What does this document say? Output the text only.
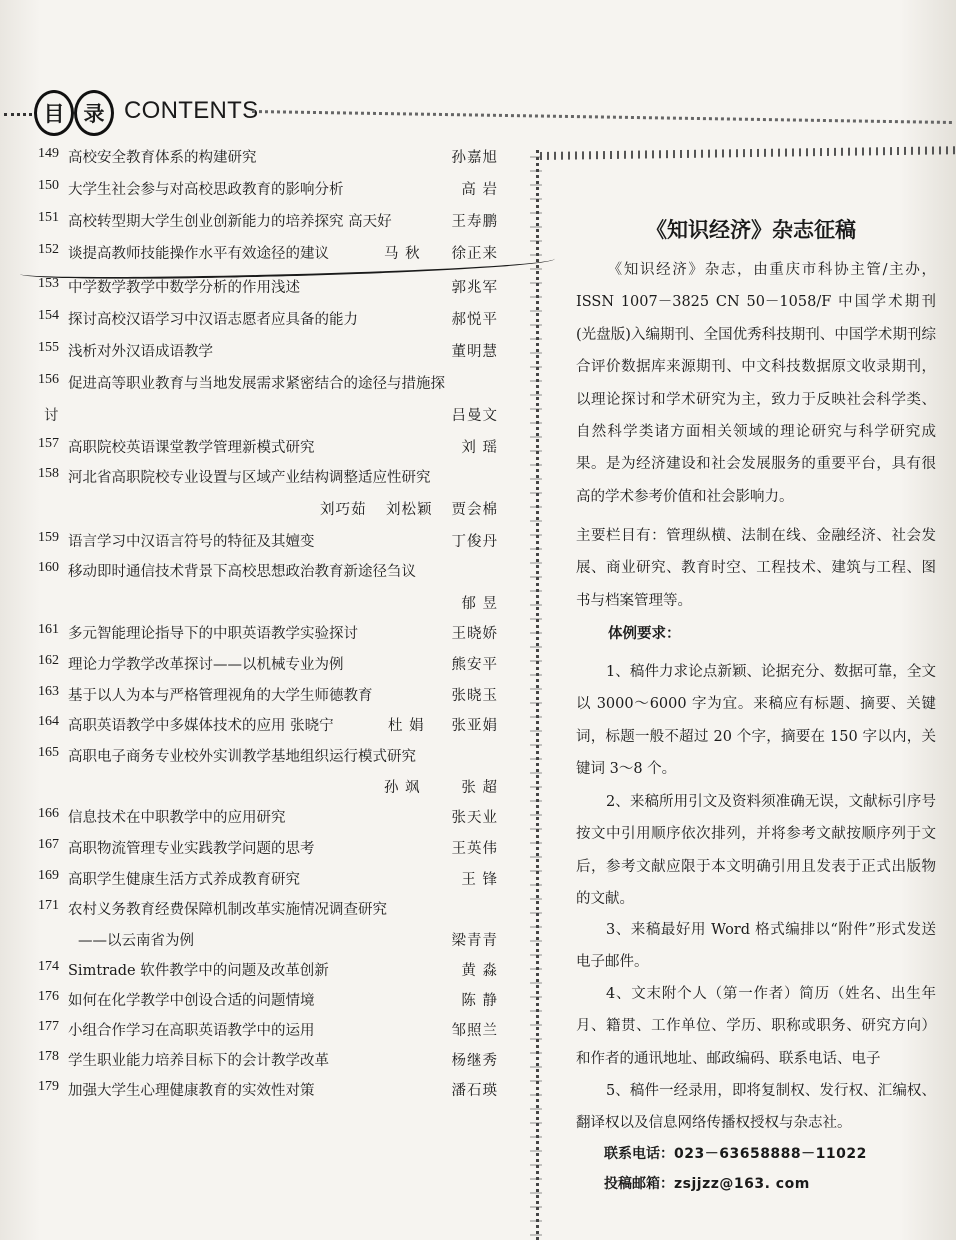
目 录 CONTENTS
149 高校安全教育体系的构建研究	孙嘉旭
150 大学生社会参与对高校思政教育的影响分析	高 岩
151 高校转型期大学生创业创新能力的培养探究 高天好	王寿鹏
152 谈提高教师技能操作水平有效途径的建议	马 秋 徐正来
153 中学数学教学中数学分析的作用浅述	郭兆军
154 探讨高校汉语学习中汉语志愿者应具备的能力	郝悦平
155 浅析对外汉语成语教学	董明慧
156 促进高等职业教育与当地发展需求紧密结合的途径与措施探
讨	吕曼文
157 高职院校英语课堂教学管理新模式研究	刘 瑶
158 河北省高职院校专业设置与区域产业结构调整适应性研究
刘巧茹 刘松颖 贾会棉
159 语言学习中汉语言符号的特征及其嬗变	丁俊丹
160 移动即时通信技术背景下高校思想政治教育新途径刍议
郁 昱
161 多元智能理论指导下的中职英语教学实验探讨	王晓娇
162 理论力学教学改革探讨——以机械专业为例	熊安平
163 基于以人为本与严格管理视角的大学生师德教育	张晓玉
164 高职英语教学中多媒体技术的应用 张晓宁	杜 娟 张亚娟
165 高职电子商务专业校外实训教学基地组织运行模式研究
孙 飒	张 超
166 信息技术在中职教学中的应用研究	张天业
167 高职物流管理专业实践教学问题的思考	王英伟
169 高职学生健康生活方式养成教育研究	王 锋
171 农村义务教育经费保障机制改革实施情况调查研究
——以云南省为例	梁青青
174 Simtrade 软件教学中的问题及改革创新	黄 淼
176 如何在化学教学中创设合适的问题情境	陈 静
177 小组合作学习在高职英语教学中的运用	邹照兰
178 学生职业能力培养目标下的会计教学改革	杨继秀
179 加强大学生心理健康教育的实效性对策	潘石瑛
《知识经济》杂志征稿
《知识经济》杂志，由重庆市科协主管/主办，ISSN 1007－3825 CN 50－1058/F 中国学术期刊(光盘版)入编期刊、全国优秀科技期刊、中国学术期刊综合评价数据库来源期刊、中文科技数据原文收录期刊，以理论探讨和学术研究为主，致力于反映社会科学类、自然科学类诸方面相关领域的理论研究与科学研究成果。是为经济建设和社会发展服务的重要平台，具有很高的学术参考价值和社会影响力。
主要栏目有：管理纵横、法制在线、金融经济、社会发展、商业研究、教育时空、工程技术、建筑与工程、图书与档案管理等。
体例要求：
1、稿件力求论点新颖、论据充分、数据可靠，全文以 3000～6000 字为宜。来稿应有标题、摘要、关键词，标题一般不超过 20 个字，摘要在 150 字以内，关键词 3～8 个。
2、来稿所用引文及资料须准确无误，文献标引序号按文中引用顺序依次排列，并将参考文献按顺序列于文后，参考文献应限于本文明确引用且发表于正式出版物的文献。
3、来稿最好用 Word 格式编排以“附件”形式发送电子邮件。
4、文末附个人（第一作者）简历（姓名、出生年月、籍贯、工作单位、学历、职称或职务、研究方向）和作者的通讯地址、邮政编码、联系电话、电子
5、稿件一经录用，即将复制权、发行权、汇编权、翻译权以及信息网络传播权授权与杂志社。
联系电话：023－63658888－11022
投稿邮箱：zsjjzz@163. com
